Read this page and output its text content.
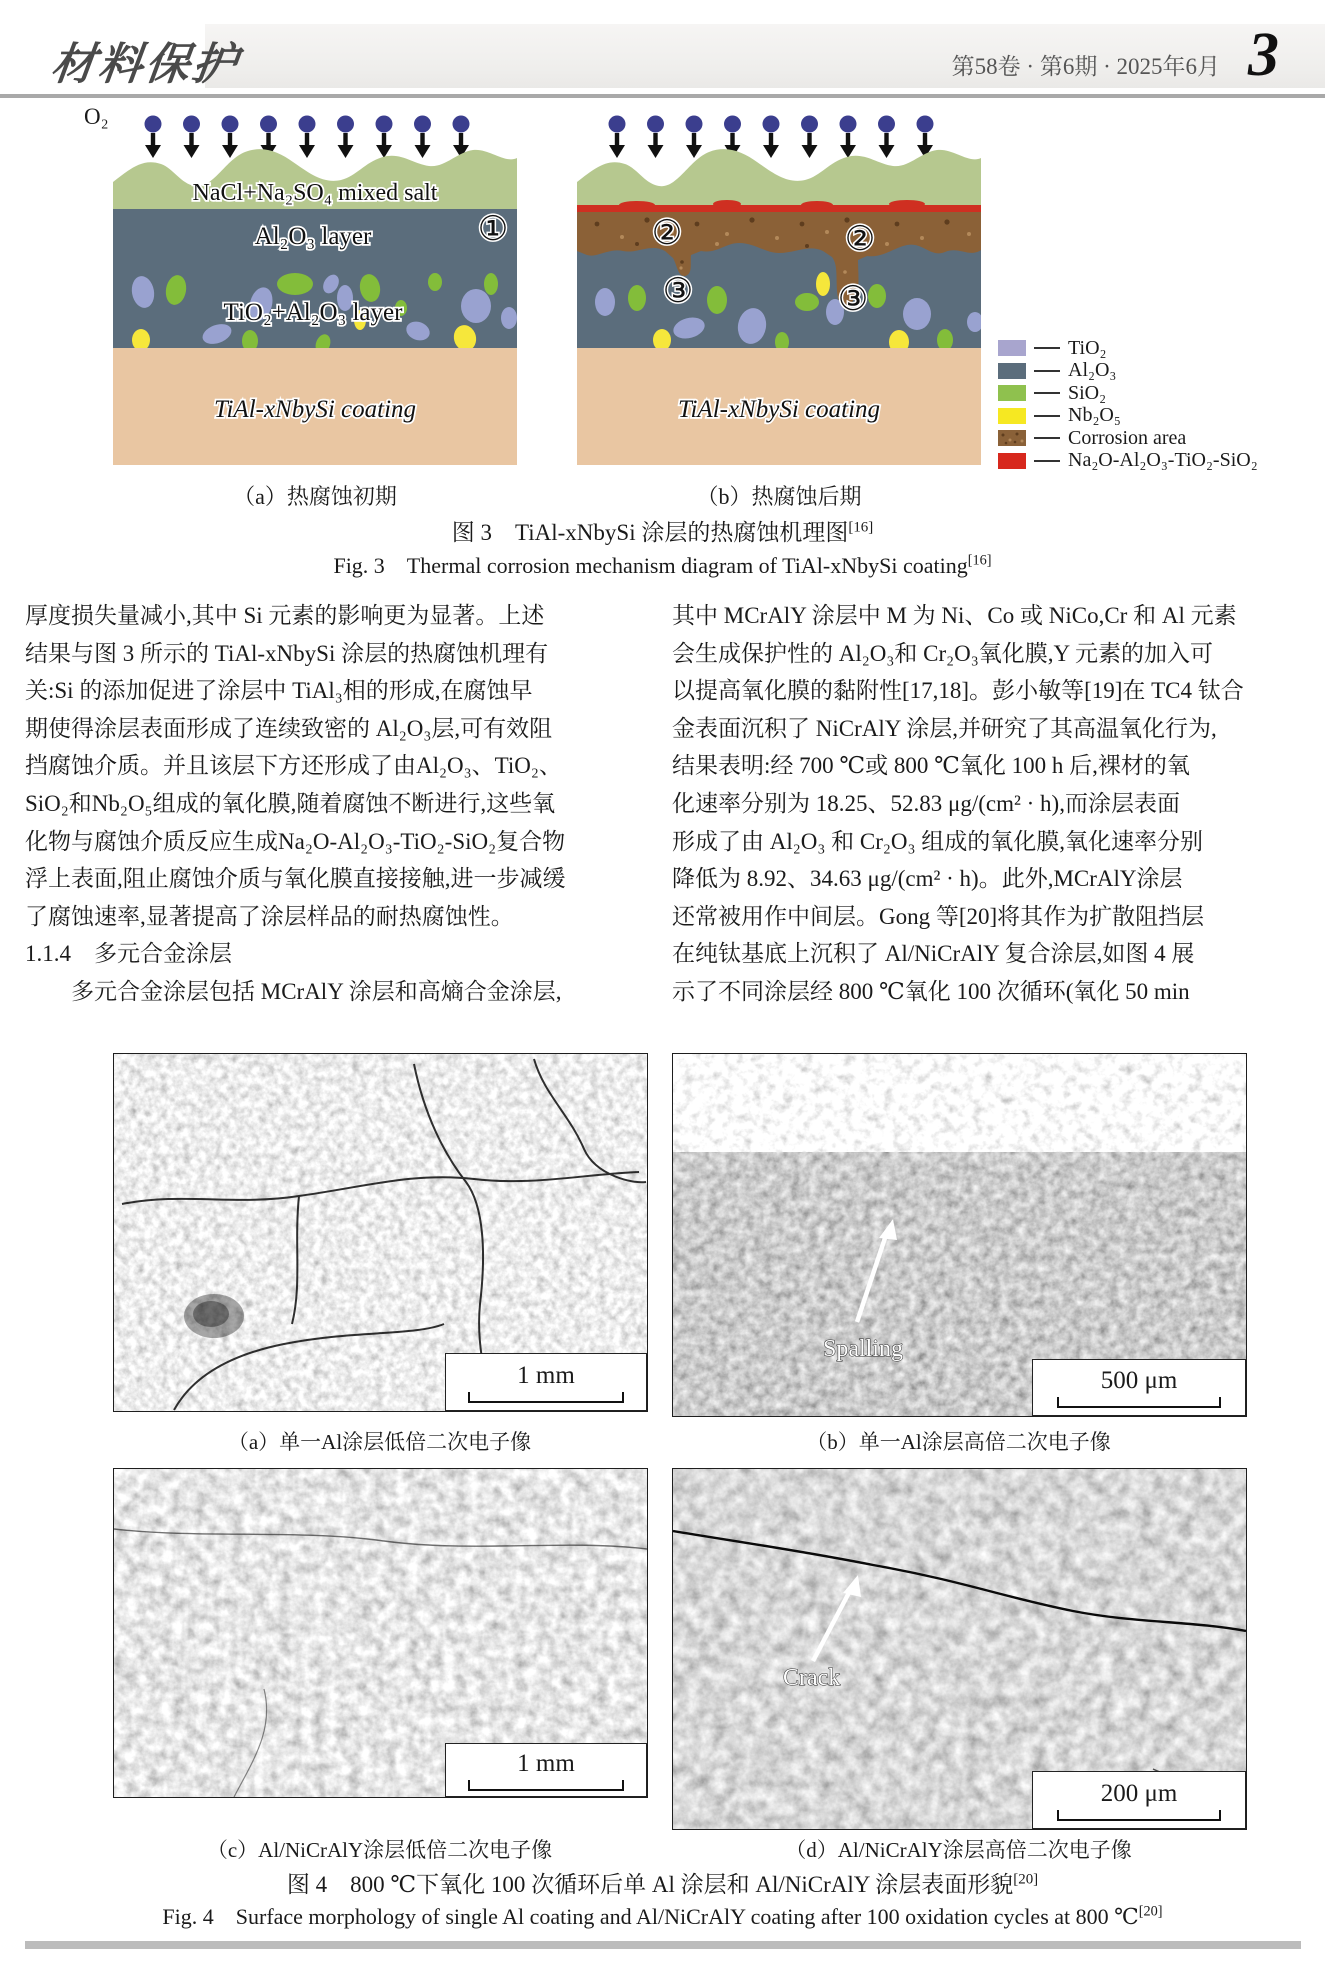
材料保护	第58卷 · 第6期 · 2025年6月 3
O₂
NaCl+Na₂SO₄ mixed salt
Al₂O₃ layer	①
TiO₂+Al₂O₃ layer
TiAl-xNbySi coating
②	②
③	③
TiAl-xNbySi coating
TiO₂
Al₂O₃
SiO₂
Nb₂O₅
Corrosion area
Na₂O-Al₂O₃-TiO₂-SiO₂
（a）热腐蚀初期	（b）热腐蚀后期
图 3　TiAl-xNbySi 涂层的热腐蚀机理图[16]
Fig. 3　Thermal corrosion mechanism diagram of TiAl-xNbySi coating[16]
厚度损失量减小,其中 Si 元素的影响更为显著。上述
结果与图 3 所示的 TiAl-xNbySi 涂层的热腐蚀机理有
关:Si 的添加促进了涂层中 TiAl₃相的形成,在腐蚀早
期使得涂层表面形成了连续致密的 Al₂O₃层,可有效阻
挡腐蚀介质。并且该层下方还形成了由Al₂O₃、TiO₂、
SiO₂和Nb₂O₅组成的氧化膜,随着腐蚀不断进行,这些氧
化物与腐蚀介质反应生成Na₂O-Al₂O₃-TiO₂-SiO₂复合物
浮上表面,阻止腐蚀介质与氧化膜直接接触,进一步减缓
了腐蚀速率,显著提高了涂层样品的耐热腐蚀性。
1.1.4　多元合金涂层
　　多元合金涂层包括 MCrAlY 涂层和高熵合金涂层,
其中 MCrAlY 涂层中 M 为 Ni、Co 或 NiCo,Cr 和 Al 元素
会生成保护性的 Al₂O₃和 Cr₂O₃氧化膜,Y 元素的加入可
以提高氧化膜的黏附性[17,18]。彭小敏等[19]在 TC4 钛合
金表面沉积了 NiCrAlY 涂层,并研究了其高温氧化行为,
结果表明:经 700 ℃或 800 ℃氧化 100 h 后,裸材的氧
化速率分别为 18.25、52.83 μg/(cm² · h),而涂层表面
形成了由 Al₂O₃ 和 Cr₂O₃ 组成的氧化膜,氧化速率分别
降低为 8.92、34.63 μg/(cm² · h)。此外,MCrAlY涂层
还常被用作中间层。Gong 等[20]将其作为扩散阻挡层
在纯钛基底上沉积了 Al/NiCrAlY 复合涂层,如图 4 展
示了不同涂层经 800 ℃氧化 100 次循环(氧化 50 min
1 mm
Spalling
500 μm
（a）单一Al涂层低倍二次电子像	（b）单一Al涂层高倍二次电子像
1 mm
Crack
200 μm
（c）Al/NiCrAlY涂层低倍二次电子像	（d）Al/NiCrAlY涂层高倍二次电子像
图 4　800 ℃下氧化 100 次循环后单 Al 涂层和 Al/NiCrAlY 涂层表面形貌[20]
Fig. 4　Surface morphology of single Al coating and Al/NiCrAlY coating after 100 oxidation cycles at 800 ℃[20]
